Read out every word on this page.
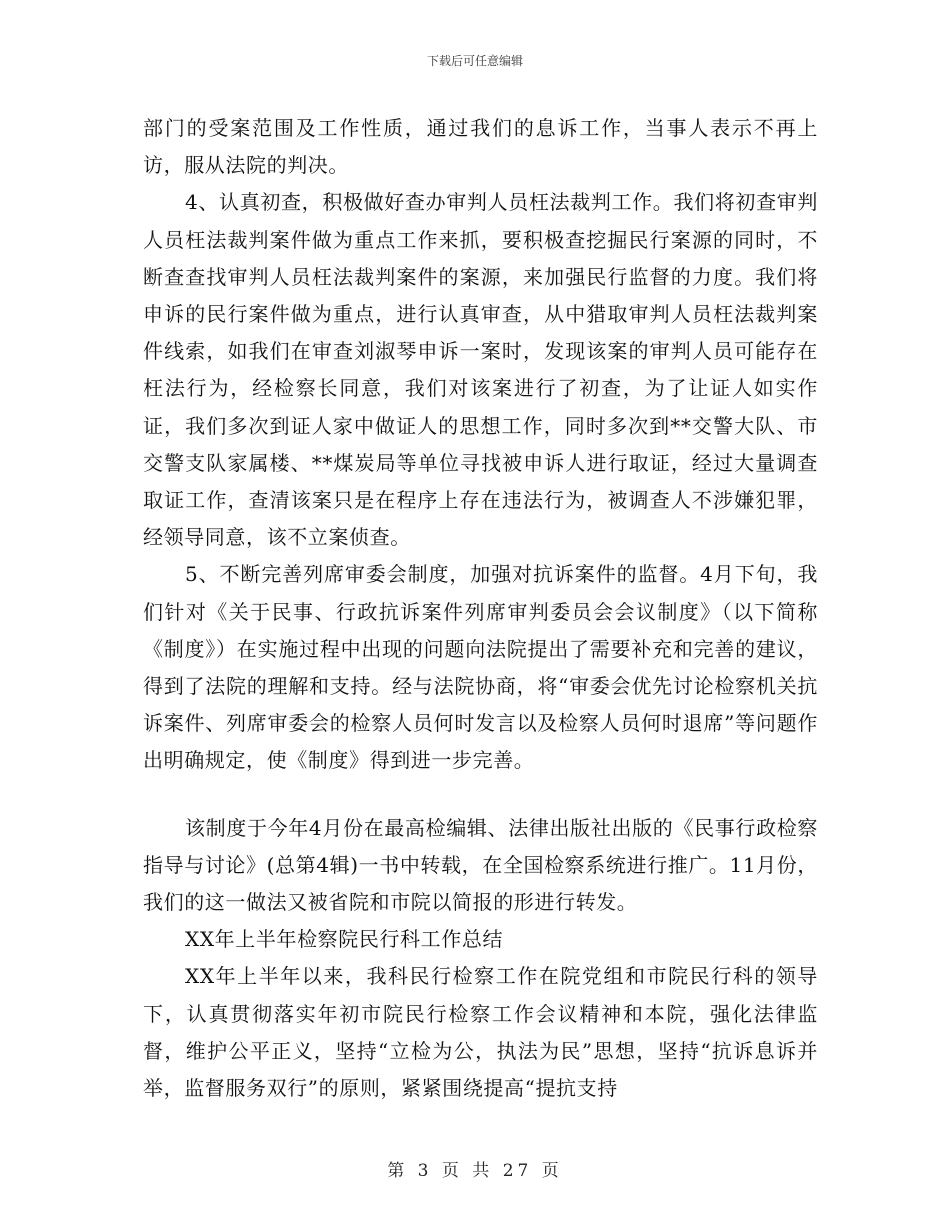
下载后可任意编辑

部门的受案范围及工作性质，通过我们的息诉工作，当事人表示不再上访，服从法院的判决。

4、认真初查，积极做好查办审判人员枉法裁判工作。我们将初查审判人员枉法裁判案件做为重点工作来抓，要积极查挖掘民行案源的同时，不断查查找审判人员枉法裁判案件的案源，来加强民行监督的力度。我们将申诉的民行案件做为重点，进行认真审查，从中猎取审判人员枉法裁判案件线索，如我们在审查刘淑琴申诉一案时，发现该案的审判人员可能存在枉法行为，经检察长同意，我们对该案进行了初查，为了让证人如实作证，我们多次到证人家中做证人的思想工作，同时多次到**交警大队、市交警支队家属楼、**煤炭局等单位寻找被申诉人进行取证，经过大量调查取证工作，查清该案只是在程序上存在违法行为，被调查人不涉嫌犯罪，经领导同意，该不立案侦查。

5、不断完善列席审委会制度，加强对抗诉案件的监督。4月下旬，我们针对《关于民事、行政抗诉案件列席审判委员会会议制度》（以下简称《制度》）在实施过程中出现的问题向法院提出了需要补充和完善的建议，得到了法院的理解和支持。经与法院协商，将“审委会优先讨论检察机关抗诉案件、列席审委会的检察人员何时发言以及检察人员何时退席”等问题作出明确规定，使《制度》得到进一步完善。

该制度于今年4月份在最高检编辑、法律出版社出版的《民事行政检察指导与讨论》(总第4辑)一书中转载，在全国检察系统进行推广。11月份，我们的这一做法又被省院和市院以简报的形进行转发。

XX年上半年检察院民行科工作总结

XX年上半年以来，我科民行检察工作在院党组和市院民行科的领导下，认真贯彻落实年初市院民行检察工作会议精神和本院，强化法律监督，维护公平正义，坚持“立检为公，执法为民”思想，坚持“抗诉息诉并举，监督服务双行”的原则，紧紧围绕提高“提抗支持

第 3 页 共 27 页
